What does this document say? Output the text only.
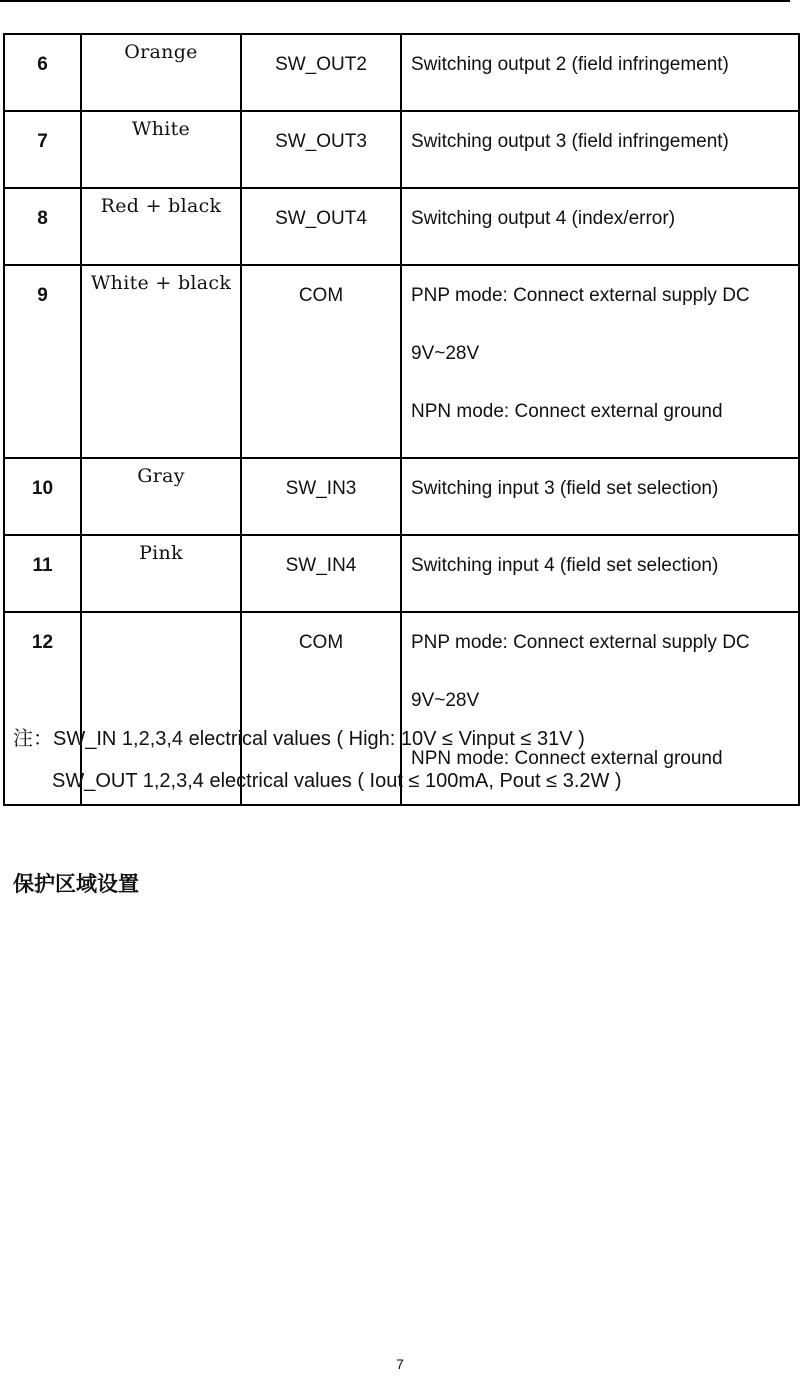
6	Orange	SW_OUT2	Switching output 2 (field infringement)

7	White	SW_OUT3	Switching output 3 (field infringement)

8	Red + black	SW_OUT4	Switching output 4 (index/error)

9	White + black	COM	PNP mode: Connect external supply DC
9V~28V
NPN mode: Connect external ground

10	Gray	SW_IN3	Switching input 3 (field set selection)

11	Pink	SW_IN4	Switching input 4 (field set selection)

12		COM	PNP mode: Connect external supply DC
9V~28V
NPN mode: Connect external ground
注：SW_IN 1,2,3,4 electrical values ( High: 10V ≤ Vinput ≤ 31V )
SW_OUT 1,2,3,4 electrical values ( Iout ≤ 100mA, Pout ≤ 3.2W )
保护区域设置
7
